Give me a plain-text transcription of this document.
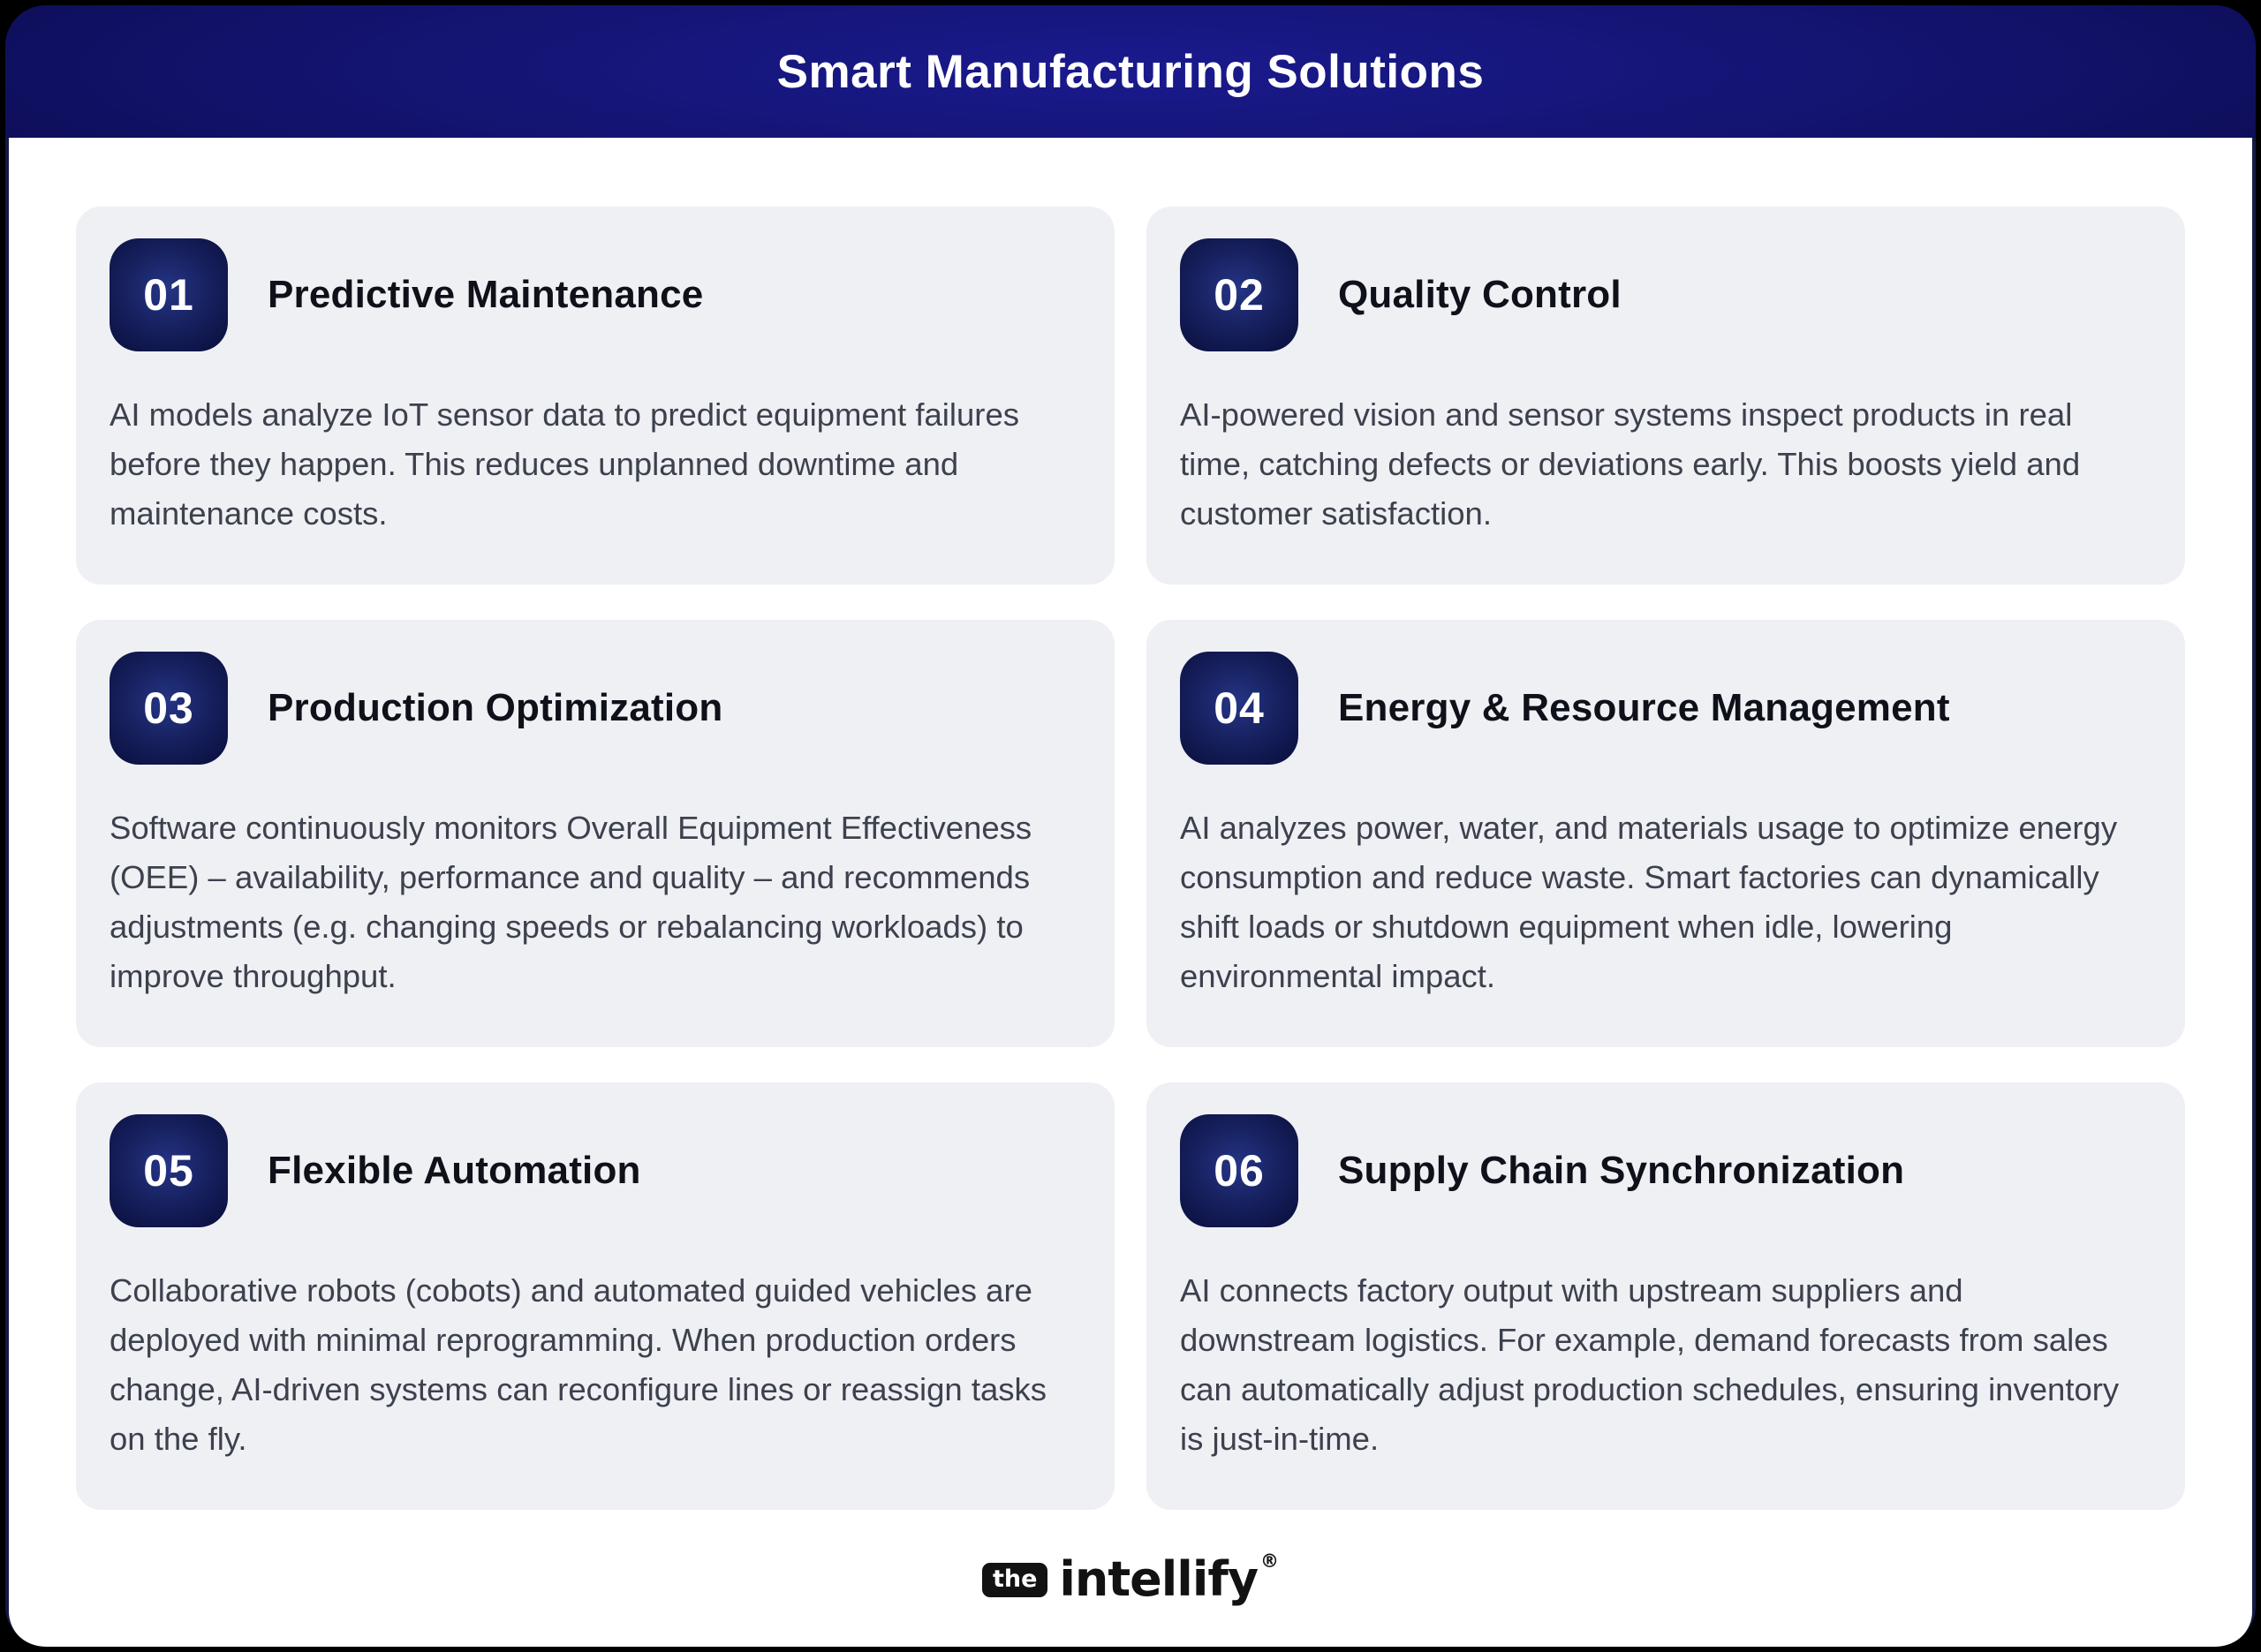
Smart Manufacturing Solutions
01 Predictive Maintenance
AI models analyze IoT sensor data to predict equipment failures before they happen. This reduces unplanned downtime and maintenance costs.
02 Quality Control
AI-powered vision and sensor systems inspect products in real time, catching defects or deviations early. This boosts yield and customer satisfaction.
03 Production Optimization
Software continuously monitors Overall Equipment Effectiveness (OEE) – availability, performance and quality – and recommends adjustments (e.g. changing speeds or rebalancing workloads) to improve throughput.
04 Energy & Resource Management
AI analyzes power, water, and materials usage to optimize energy consumption and reduce waste. Smart factories can dynamically shift loads or shutdown equipment when idle, lowering environmental impact.
05 Flexible Automation
Collaborative robots (cobots) and automated guided vehicles are deployed with minimal reprogramming. When production orders change, AI-driven systems can reconfigure lines or reassign tasks on the fly.
06 Supply Chain Synchronization
AI connects factory output with upstream suppliers and downstream logistics. For example, demand forecasts from sales can automatically adjust production schedules, ensuring inventory is just-in-time.
the intellify ®
